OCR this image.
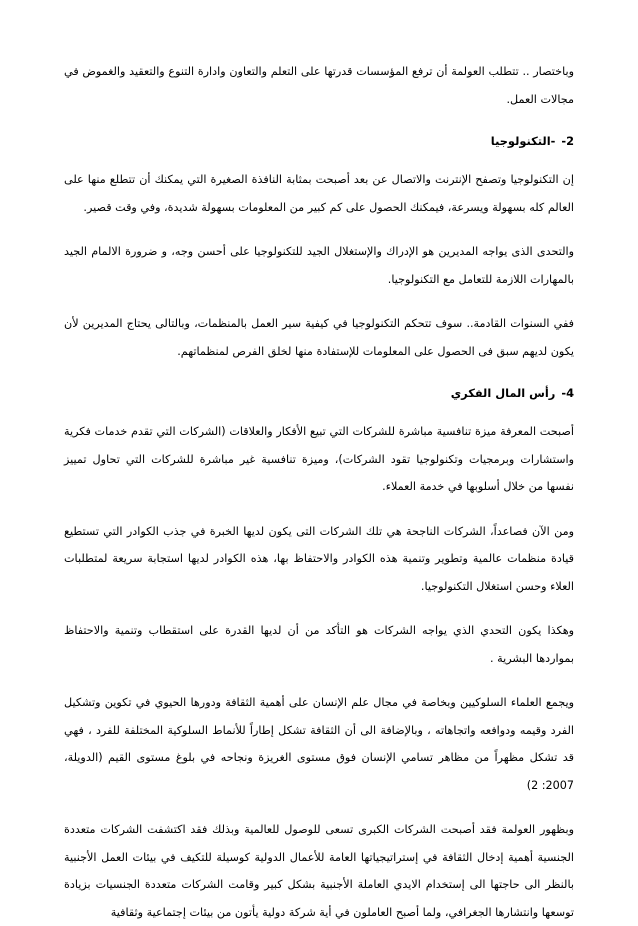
وباختصار .. تتطلب العولمة أن ترفع المؤسسات قدرتها على التعلم والتعاون وادارة التنوع والتعقيد والغموض في مجالات العمل.

2--التكنولوجيا

إن التكنولوجيا وتصفح الإنترنت والاتصال عن بعد أصبحت بمثابة النافذة الصغيرة التي يمكنك أن تتطلع منها على العالم كله بسهولة ويسرعة، فيمكنك الحصول على كم كبير من المعلومات بسهولة شديدة، وفي وقت قصير.

والتحدى الذى يواجه المديرين هو الإدراك والإستغلال الجيد للتكنولوجيا على أحسن وجه، و ضرورة الالمام الجيد بالمهارات اللازمة للتعامل مع التكنولوجيا.

ففي السنوات القادمة.. سوف تتحكم التكنولوجيا في كيفية سير العمل بالمنظمات، وبالتالى يحتاج المديرين لأن يكون لديهم سبق فى الحصول على المعلومات للإستفادة منها لخلق الفرص لمنظماتهم.

4-رأس المال الفكري

أصبحت المعرفة ميزة تنافسية مباشرة للشركات التي تبيع الأفكار والعلاقات (الشركات التي تقدم خدمات فكرية واستشارات وبرمجيات وتكنولوجيا تقود الشركات)، وميزة تنافسية غير مباشرة للشركات التي تحاول تمييز نفسها من خلال أسلوبها في خدمة العملاء.

ومن الآن فصاعداً، الشركات الناجحة هي تلك الشركات التى يكون لديها الخبرة في جذب الكوادر التي تستطيع قيادة منظمات عالمية وتطوير وتنمية هذه الكوادر والاحتفاظ بها، هذه الكوادر لديها استجابة سريعة لمتطلبات العلاء وحسن استغلال التكنولوجيا.

وهكذا يكون التحدي الذي يواجه الشركات هو التأكد من أن لديها القدرة على استقطاب وتنمية والاحتفاظ بمواردها البشرية .

ويجمع العلماء السلوكيين وبخاصة في مجال علم الإنسان على أهمية الثقافة ودورها الحيوي في تكوين وتشكيل الفرد وقيمه ودوافعه واتجاهاته ، وبالإضافة الى أن الثقافة تشكل إطاراً للأنماط السلوكية المختلفة للفرد ، فهي قد تشكل مظهراً من مظاهر تسامي الإنسان فوق مستوى الغريزة ونجاحه في بلوغ مستوى القيم (الدويلة، 2007: 2)

وبظهور العولمة فقد أصبحت الشركات الكبرى تسعى للوصول للعالمية وبذلك فقد اكتشفت الشركات متعددة الجنسية أهمية إدخال الثقافة في إستراتيجياتها العامة للأعمال الدولية كوسيلة للتكيف في بيئات العمل الأجنبية بالنظر الى حاجتها الى إستخدام الايدي العاملة الأجنبية بشكل كبير وقامت الشركات متعددة الجنسيات بزيادة توسعها وانتشارها الجغرافي، ولما أصبح العاملون في أية شركة دولية يأتون من بيئات إجتماعية وثقافية
